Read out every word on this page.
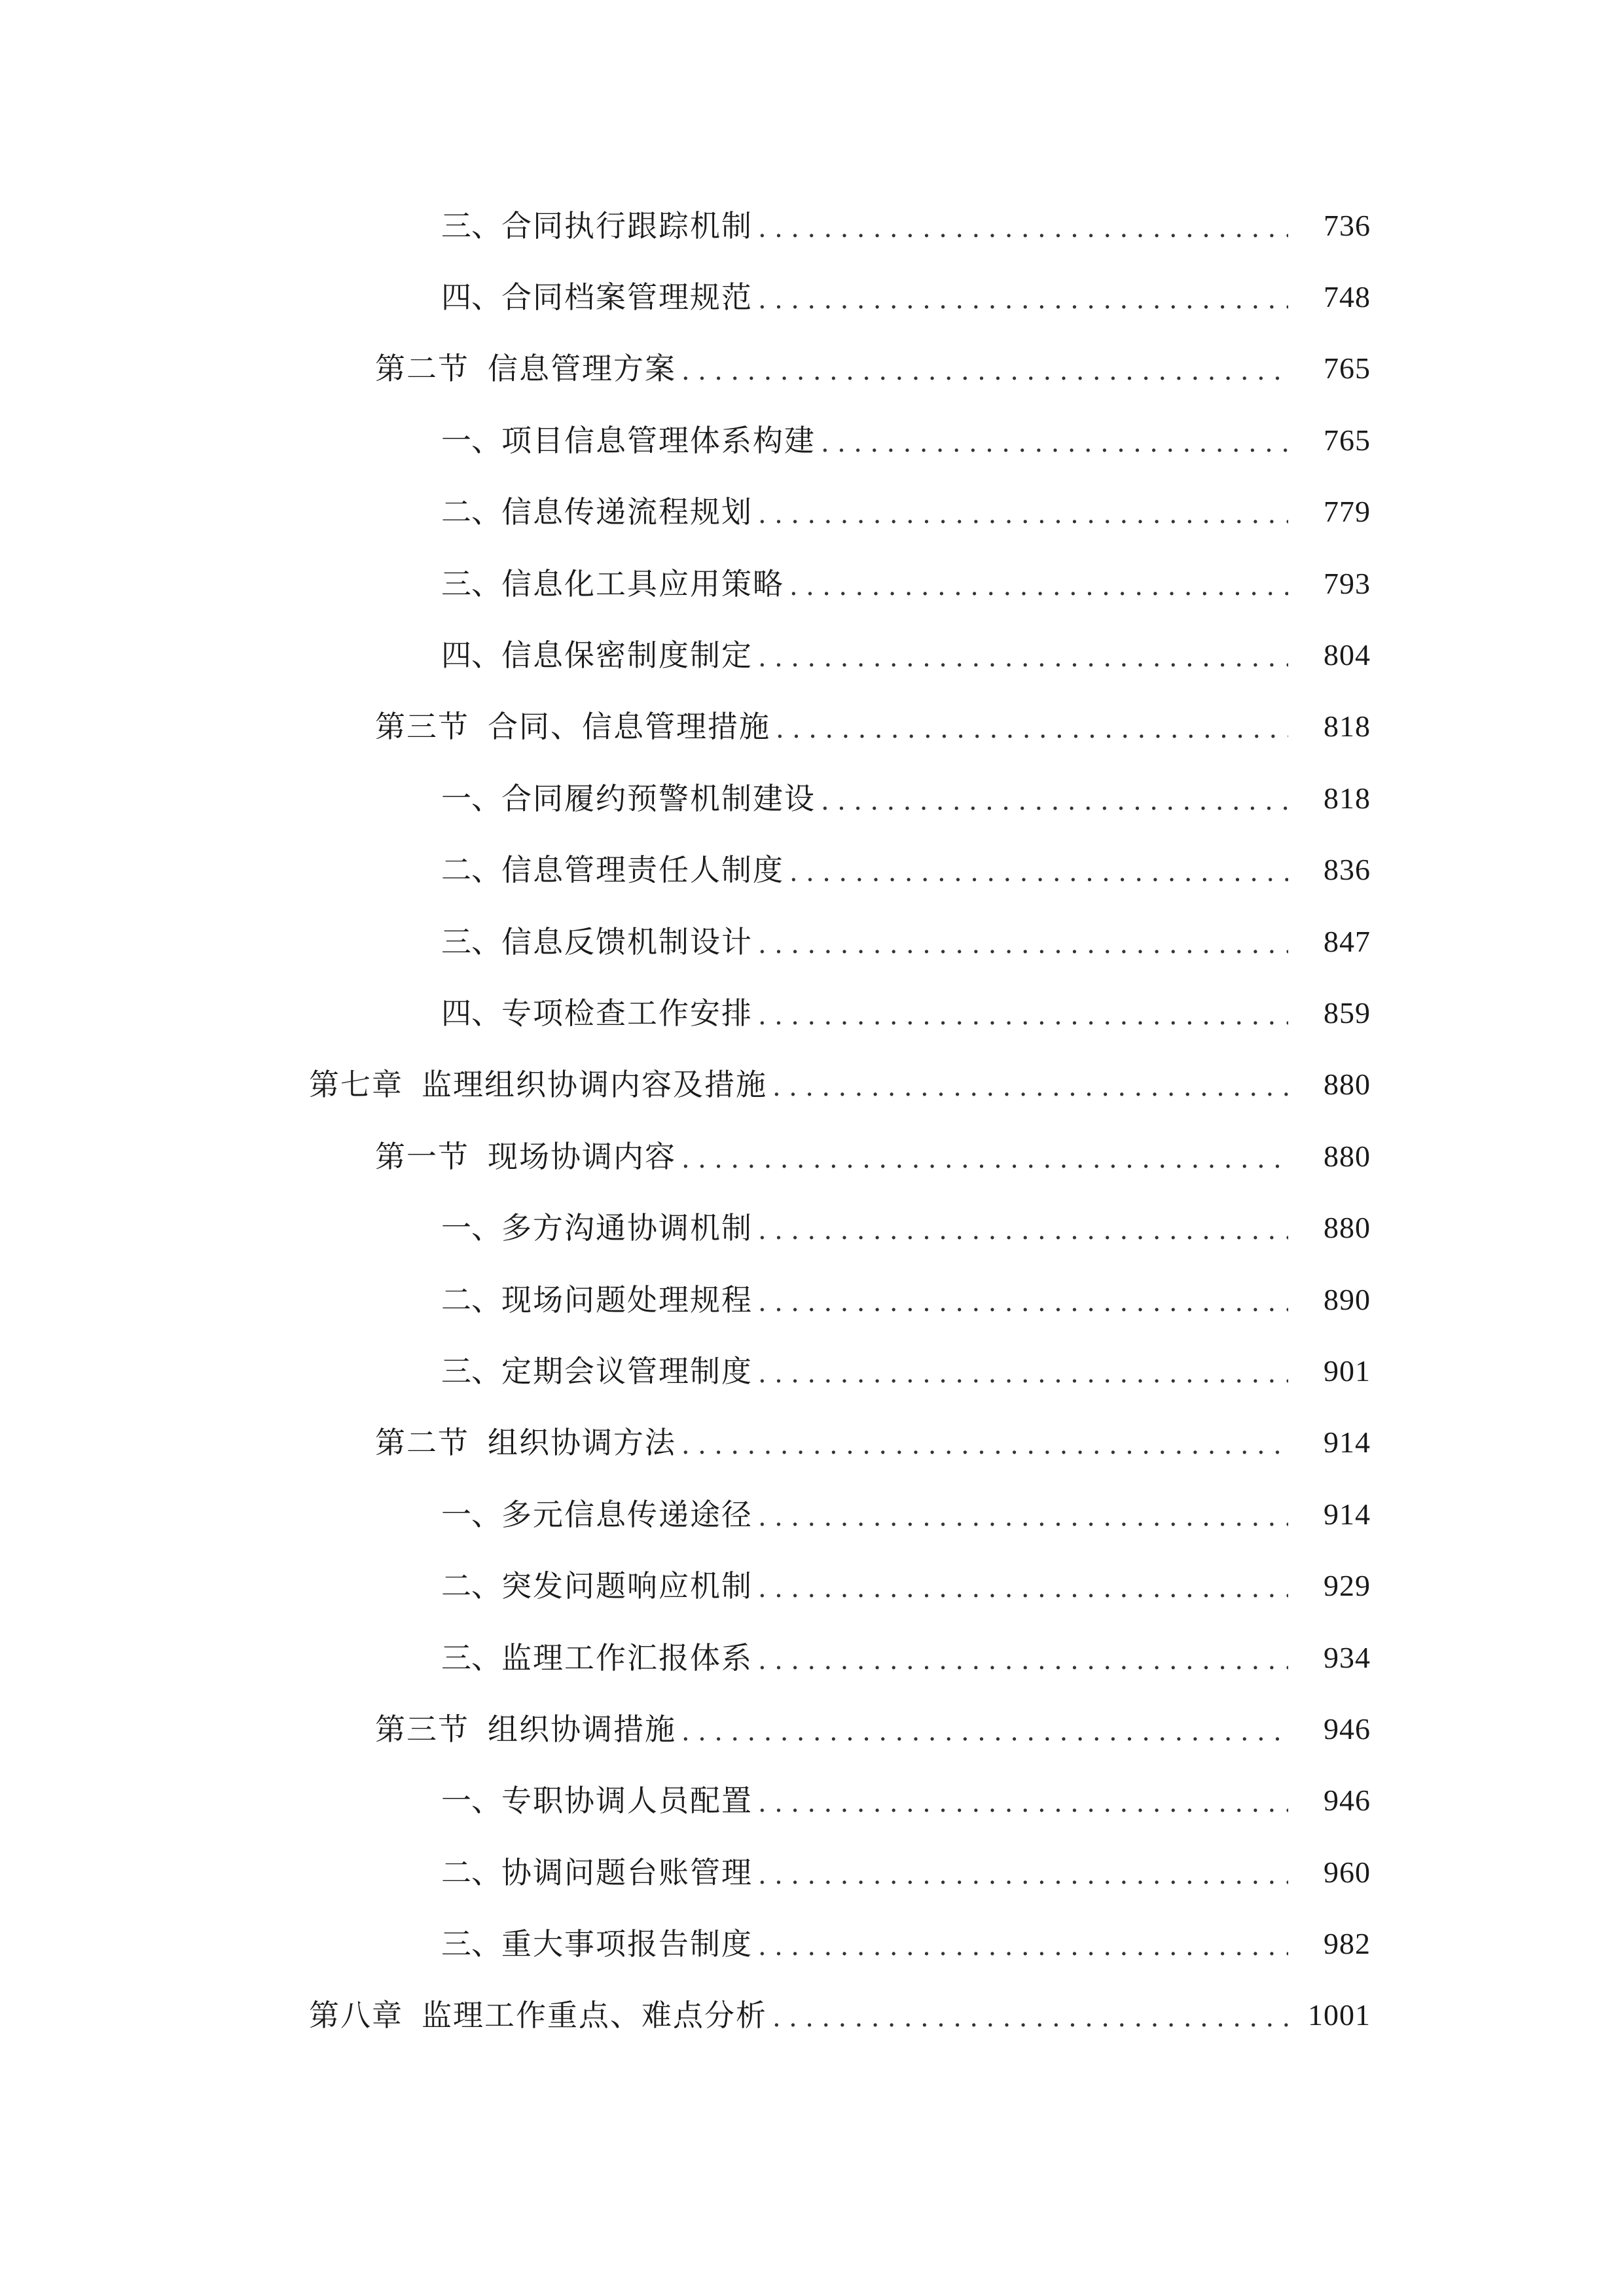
三、 合同执行跟踪机制 .....	736
四、 合同档案管理规范 .....	748
第二节 信息管理方案 .....	765
一、 项目信息管理体系构建 .....	765
二、 信息传递流程规划 .....	779
三、 信息化工具应用策略 .....	793
四、 信息保密制度制定 .....	804
第三节 合同、信息管理措施 .....	818
一、 合同履约预警机制建设 .....	818
二、 信息管理责任人制度 .....	836
三、 信息反馈机制设计 .....	847
四、 专项检查工作安排 .....	859
第七章 监理组织协调内容及措施 .....	880
第一节 现场协调内容 .....	880
一、 多方沟通协调机制 .....	880
二、 现场问题处理规程 .....	890
三、 定期会议管理制度 .....	901
第二节 组织协调方法 .....	914
一、 多元信息传递途径 .....	914
二、 突发问题响应机制 .....	929
三、 监理工作汇报体系 .....	934
第三节 组织协调措施 .....	946
一、 专职协调人员配置 .....	946
二、 协调问题台账管理 .....	960
三、 重大事项报告制度 .....	982
第八章 监理工作重点、难点分析 .....	1001
